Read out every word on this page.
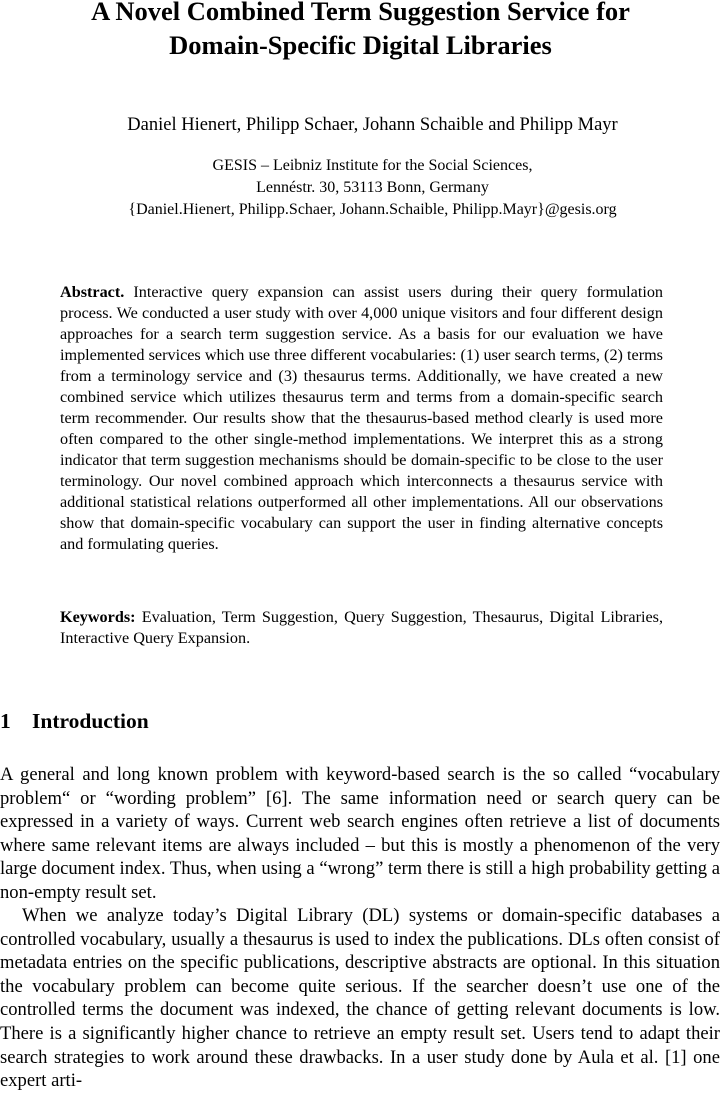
A Novel Combined Term Suggestion Service for
Domain-Specific Digital Libraries

Daniel Hienert, Philipp Schaer, Johann Schaible and Philipp Mayr

GESIS – Leibniz Institute for the Social Sciences,
Lennéstr. 30, 53113 Bonn, Germany
{Daniel.Hienert, Philipp.Schaer, Johann.Schaible, Philipp.Mayr}@gesis.org

Abstract. Interactive query expansion can assist users during their query formulation process. We conducted a user study with over 4,000 unique visitors and four different design approaches for a search term suggestion service. As a basis for our evaluation we have implemented services which use three different vocabularies: (1) user search terms, (2) terms from a terminology service and (3) thesaurus terms. Additionally, we have created a new combined service which utilizes thesaurus term and terms from a domain-specific search term recommender. Our results show that the thesaurus-based method clearly is used more often compared to the other single-method implementations. We interpret this as a strong indicator that term suggestion mechanisms should be domain-specific to be close to the user terminology. Our novel combined approach which interconnects a thesaurus service with additional statistical relations outperformed all other implementations. All our observations show that domain-specific vocabulary can support the user in finding alternative concepts and formulating queries.

Keywords: Evaluation, Term Suggestion, Query Suggestion, Thesaurus, Digital Libraries, Interactive Query Expansion.

1 Introduction

A general and long known problem with keyword-based search is the so called “vocabulary problem“ or “wording problem” [6]. The same information need or search query can be expressed in a variety of ways. Current web search engines often retrieve a list of documents where same relevant items are always included – but this is mostly a phenomenon of the very large document index. Thus, when using a “wrong” term there is still a high probability getting a non-empty result set.

When we analyze today’s Digital Library (DL) systems or domain-specific databases a controlled vocabulary, usually a thesaurus is used to index the publications. DLs often consist of metadata entries on the specific publications, descriptive abstracts are optional. In this situation the vocabulary problem can become quite serious. If the searcher doesn’t use one of the controlled terms the document was indexed, the chance of getting relevant documents is low. There is a significantly higher chance to retrieve an empty result set. Users tend to adapt their search strategies to work around these drawbacks. In a user study done by Aula et al. [1] one expert arti-
